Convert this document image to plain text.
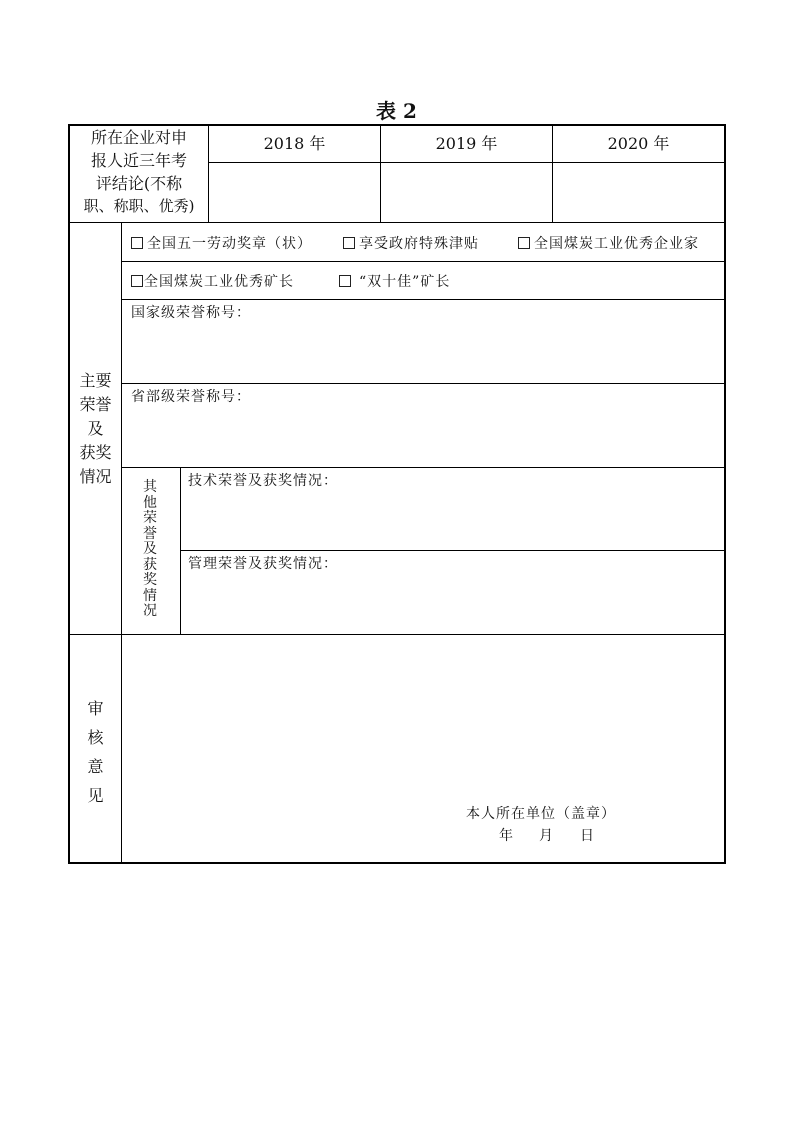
表 2
所在企业对申
报人近三年考
评结论(不称
职、称职、优秀)
2018 年	2019 年	2020 年
主要
荣誉
及
获奖
情况
全国五一劳动奖章（状）	享受政府特殊津贴	全国煤炭工业优秀企业家
全国煤炭工业优秀矿长	“双十佳”矿长
国家级荣誉称号：
省部级荣誉称号：
其
他
荣
誉
及
获
奖
情
况
技术荣誉及获奖情况：
管理荣誉及获奖情况：
审
核
意
见
本人所在单位（盖章）
年 月 日
